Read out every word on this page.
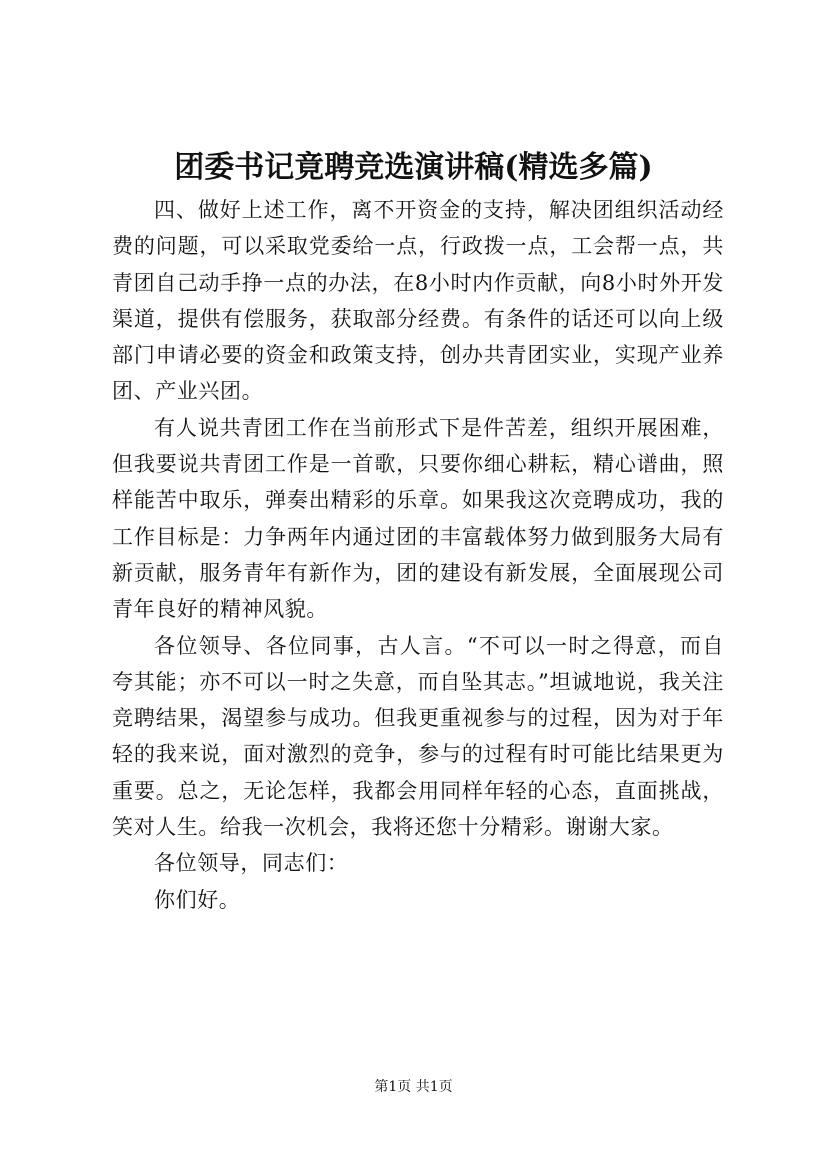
团委书记竟聘竞选演讲稿(精选多篇)

四、做好上述工作，离不开资金的支持，解决团组织活动经费的问题，可以采取党委给一点，行政拨一点，工会帮一点，共青团自己动手挣一点的办法，在8小时内作贡献，向8小时外开发渠道，提供有偿服务，获取部分经费。有条件的话还可以向上级部门申请必要的资金和政策支持，创办共青团实业，实现产业养团、产业兴团。

有人说共青团工作在当前形式下是件苦差，组织开展困难，但我要说共青团工作是一首歌，只要你细心耕耘，精心谱曲，照样能苦中取乐，弹奏出精彩的乐章。如果我这次竞聘成功，我的工作目标是：力争两年内通过团的丰富载体努力做到服务大局有新贡献，服务青年有新作为，团的建设有新发展，全面展现公司青年良好的精神风貌。

各位领导、各位同事，古人言。“不可以一时之得意，而自夸其能；亦不可以一时之失意，而自坠其志。”坦诚地说，我关注竞聘结果，渴望参与成功。但我更重视参与的过程，因为对于年轻的我来说，面对激烈的竞争，参与的过程有时可能比结果更为重要。总之，无论怎样，我都会用同样年轻的心态，直面挑战，笑对人生。给我一次机会，我将还您十分精彩。谢谢大家。

各位领导，同志们：

你们好。

第1页 共1页
